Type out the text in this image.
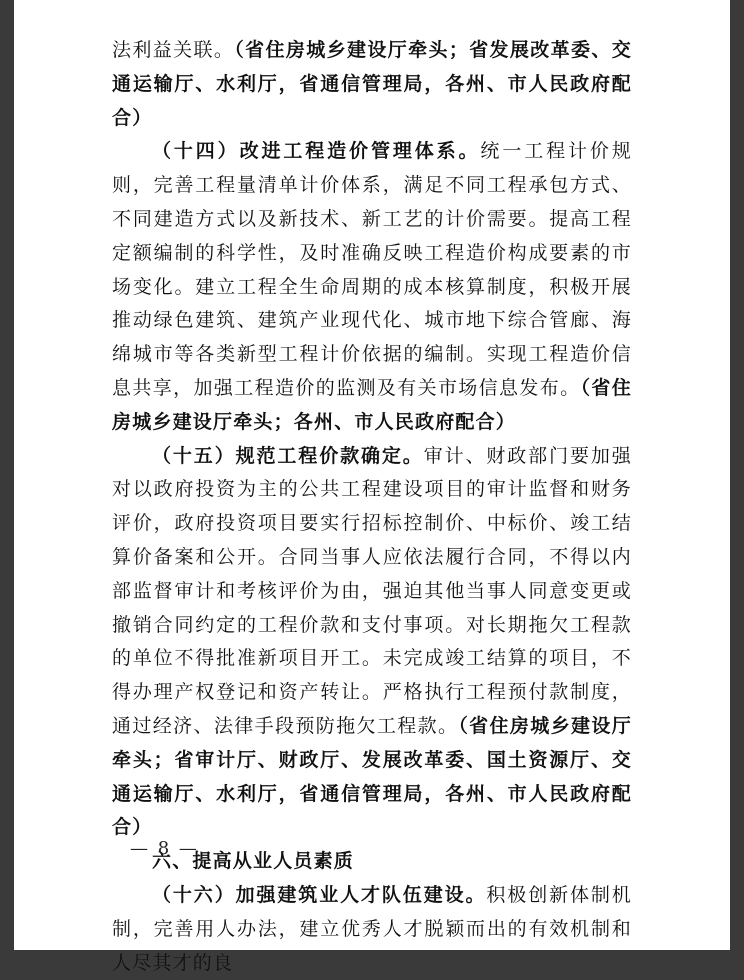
法利益关联。（省住房城乡建设厅牵头；省发展改革委、交通运输厅、水利厅，省通信管理局，各州、市人民政府配合）

（十四）改进工程造价管理体系。统一工程计价规则，完善工程量清单计价体系，满足不同工程承包方式、不同建造方式以及新技术、新工艺的计价需要。提高工程定额编制的科学性，及时准确反映工程造价构成要素的市场变化。建立工程全生命周期的成本核算制度，积极开展推动绿色建筑、建筑产业现代化、城市地下综合管廊、海绵城市等各类新型工程计价依据的编制。实现工程造价信息共享，加强工程造价的监测及有关市场信息发布。（省住房城乡建设厅牵头；各州、市人民政府配合）

（十五）规范工程价款确定。审计、财政部门要加强对以政府投资为主的公共工程建设项目的审计监督和财务评价，政府投资项目要实行招标控制价、中标价、竣工结算价备案和公开。合同当事人应依法履行合同，不得以内部监督审计和考核评价为由，强迫其他当事人同意变更或撤销合同约定的工程价款和支付事项。对长期拖欠工程款的单位不得批准新项目开工。未完成竣工结算的项目，不得办理产权登记和资产转让。严格执行工程预付款制度，通过经济、法律手段预防拖欠工程款。（省住房城乡建设厅牵头；省审计厅、财政厅、发展改革委、国土资源厅、交通运输厅、水利厅，省通信管理局，各州、市人民政府配合）

六、提高从业人员素质

（十六）加强建筑业人才队伍建设。积极创新体制机制，完善用人办法，建立优秀人才脱颖而出的有效机制和人尽其才的良

— 8 —
